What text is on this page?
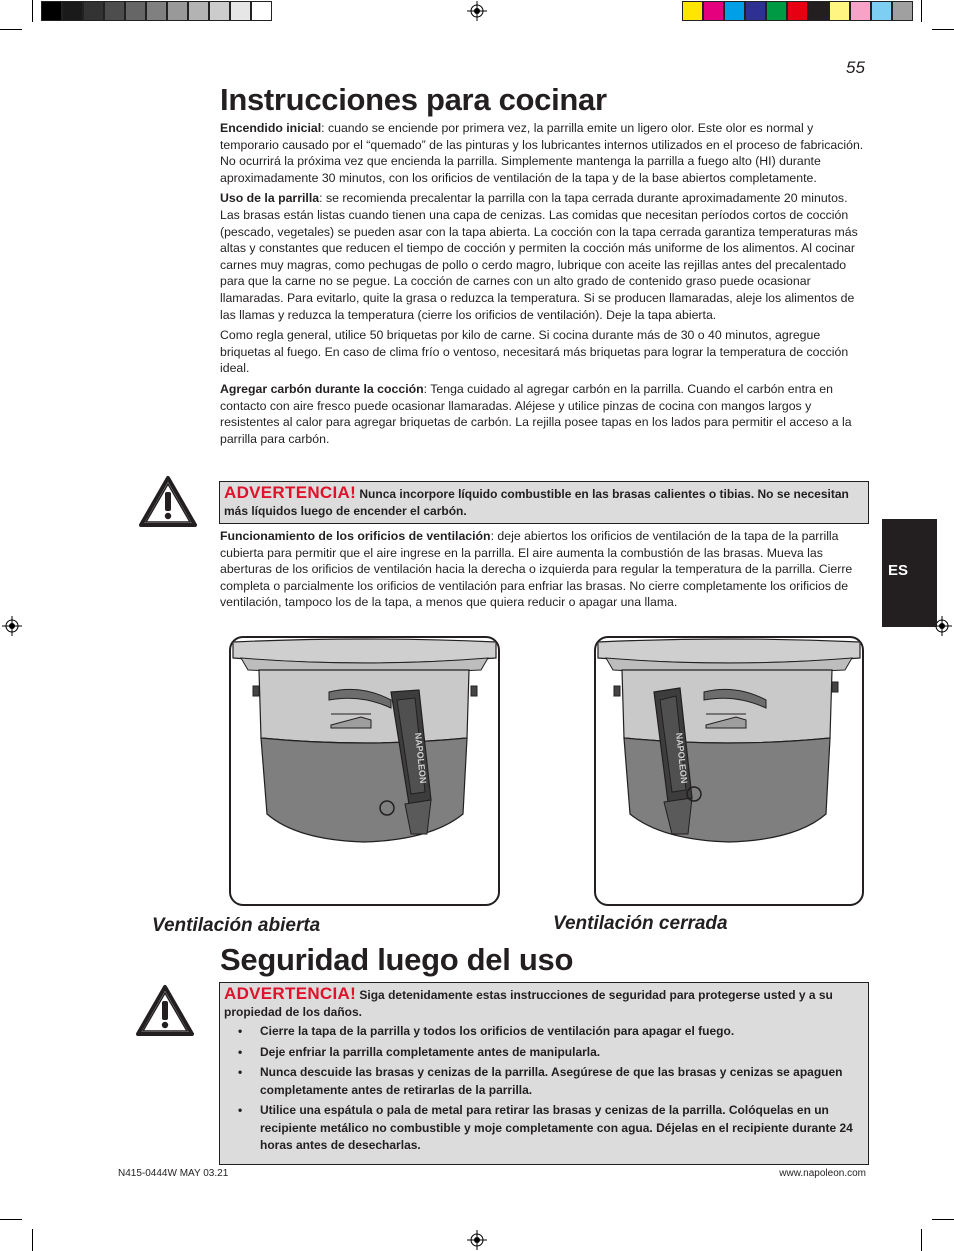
55
Instrucciones para cocinar

Encendido inicial: cuando se enciende por primera vez, la parrilla emite un ligero olor. Este olor es normal y temporario causado por el “quemado” de las pinturas y los lubricantes internos utilizados en el proceso de fabricación. No ocurrirá la próxima vez que encienda la parrilla. Simplemente mantenga la parrilla a fuego alto (HI) durante aproximadamente 30 minutos, con los orificios de ventilación de la tapa y de la base abiertos completamente.

Uso de la parrilla: se recomienda precalentar la parrilla con la tapa cerrada durante aproximadamente 20 minutos. Las brasas están listas cuando tienen una capa de cenizas. Las comidas que necesitan períodos cortos de cocción (pescado, vegetales) se pueden asar con la tapa abierta. La cocción con la tapa cerrada garantiza temperaturas más altas y constantes que reducen el tiempo de cocción y permiten la cocción más uniforme de los alimentos. Al cocinar carnes muy magras, como pechugas de pollo o cerdo magro, lubrique con aceite las rejillas antes del precalentado para que la carne no se pegue. La cocción de carnes con un alto grado de contenido graso puede ocasionar llamaradas. Para evitarlo, quite la grasa o reduzca la temperatura. Si se producen llamaradas, aleje los alimentos de las llamas y reduzca la temperatura (cierre los orificios de ventilación). Deje la tapa abierta.

Como regla general, utilice 50 briquetas por kilo de carne. Si cocina durante más de 30 o 40 minutos, agregue briquetas al fuego. En caso de clima frío o ventoso, necesitará más briquetas para lograr la temperatura de cocción ideal.

Agregar carbón durante la cocción: Tenga cuidado al agregar carbón en la parrilla. Cuando el carbón entra en contacto con aire fresco puede ocasionar llamaradas. Aléjese y utilice pinzas de cocina con mangos largos y resistentes al calor para agregar briquetas de carbón. La rejilla posee tapas en los lados para permitir el acceso a la parrilla para carbón.

ADVERTENCIA! Nunca incorpore líquido combustible en las brasas calientes o tibias. No se necesitan más líquidos luego de encender el carbón.

Funcionamiento de los orificios de ventilación: deje abiertos los orificios de ventilación de la tapa de la parrilla cubierta para permitir que el aire ingrese en la parrilla. El aire aumenta la combustión de las brasas. Mueva las aberturas de los orificios de ventilación hacia la derecha o izquierda para regular la temperatura de la parrilla. Cierre completa o parcialmente los orificios de ventilación para enfriar las brasas. No cierre completamente los orificios de ventilación, tampoco los de la tapa, a menos que quiera reducir o apagar una llama.

ES
NAPOLEON	NAPOLEON
Ventilación abierta	Ventilación cerrada
Seguridad luego del uso
ADVERTENCIA! Siga detenidamente estas instrucciones de seguridad para protegerse usted y a su propiedad de los daños.
• Cierre la tapa de la parrilla y todos los orificios de ventilación para apagar el fuego.
• Deje enfriar la parrilla completamente antes de manipularla.
• Nunca descuide las brasas y cenizas de la parrilla. Asegúrese de que las brasas y cenizas se apaguen completamente antes de retirarlas de la parrilla.
• Utilice una espátula o pala de metal para retirar las brasas y cenizas de la parrilla. Colóquelas en un recipiente metálico no combustible y moje completamente con agua. Déjelas en el recipiente durante 24 horas antes de desecharlas.
N415-0444W MAY 03.21	www.napoleon.com
